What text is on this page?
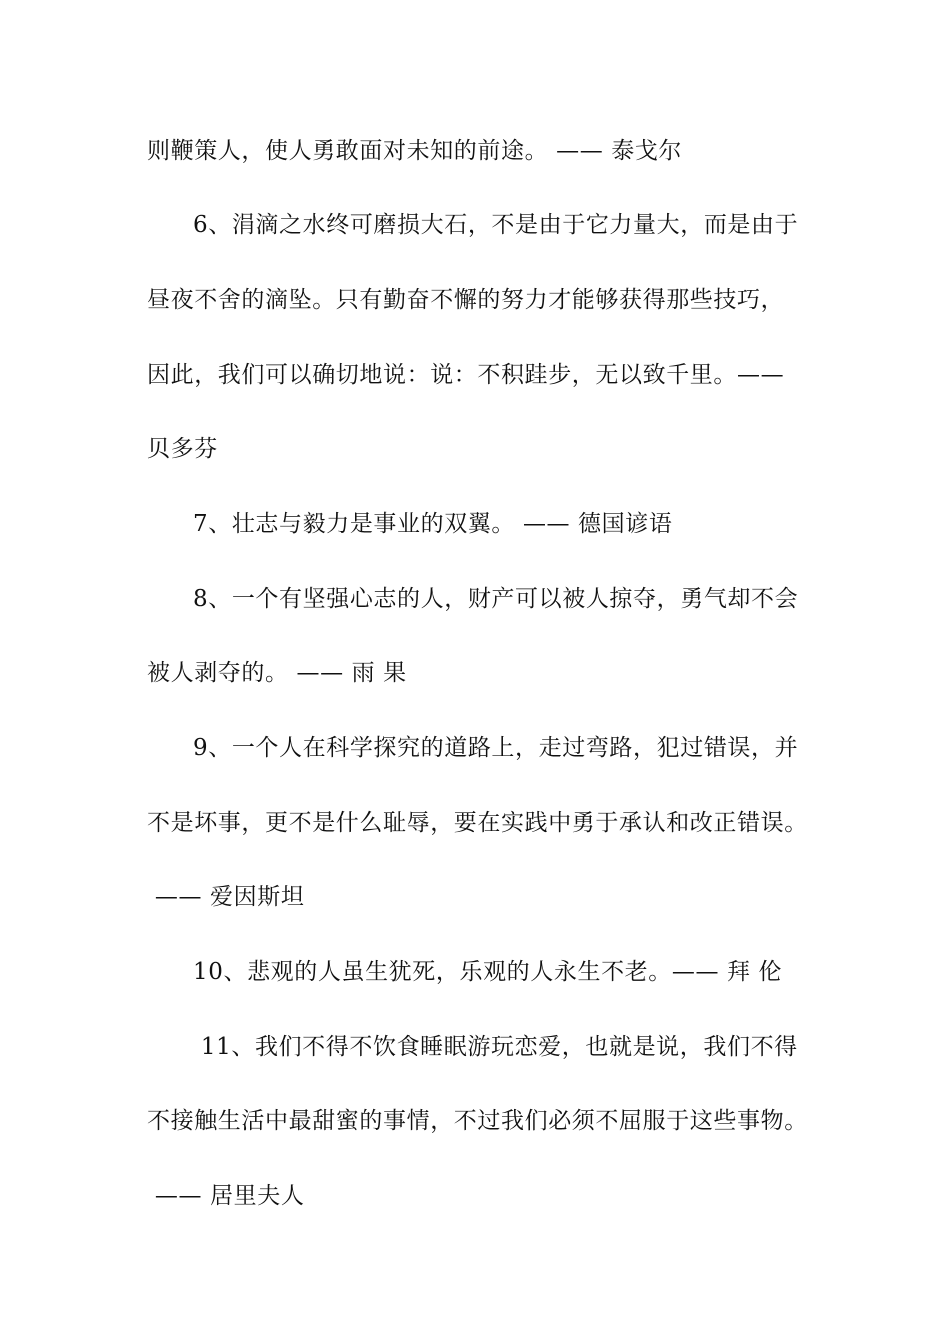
则鞭策人，使人勇敢面对未知的前途。 —— 泰戈尔
6、涓滴之水终可磨损大石，不是由于它力量大，而是由于
昼夜不舍的滴坠。只有勤奋不懈的努力才能够获得那些技巧，
因此，我们可以确切地说：说：不积跬步，无以致千里。——
贝多芬
7、壮志与毅力是事业的双翼。 —— 德国谚语
8、一个有坚强心志的人，财产可以被人掠夺，勇气却不会
被人剥夺的。 —— 雨 果
9、一个人在科学探究的道路上，走过弯路，犯过错误，并
不是坏事，更不是什么耻辱，要在实践中勇于承认和改正错误。
—— 爱因斯坦
10、悲观的人虽生犹死，乐观的人永生不老。—— 拜 伦
11、我们不得不饮食睡眠游玩恋爱，也就是说，我们不得
不接触生活中最甜蜜的事情，不过我们必须不屈服于这些事物。
—— 居里夫人
